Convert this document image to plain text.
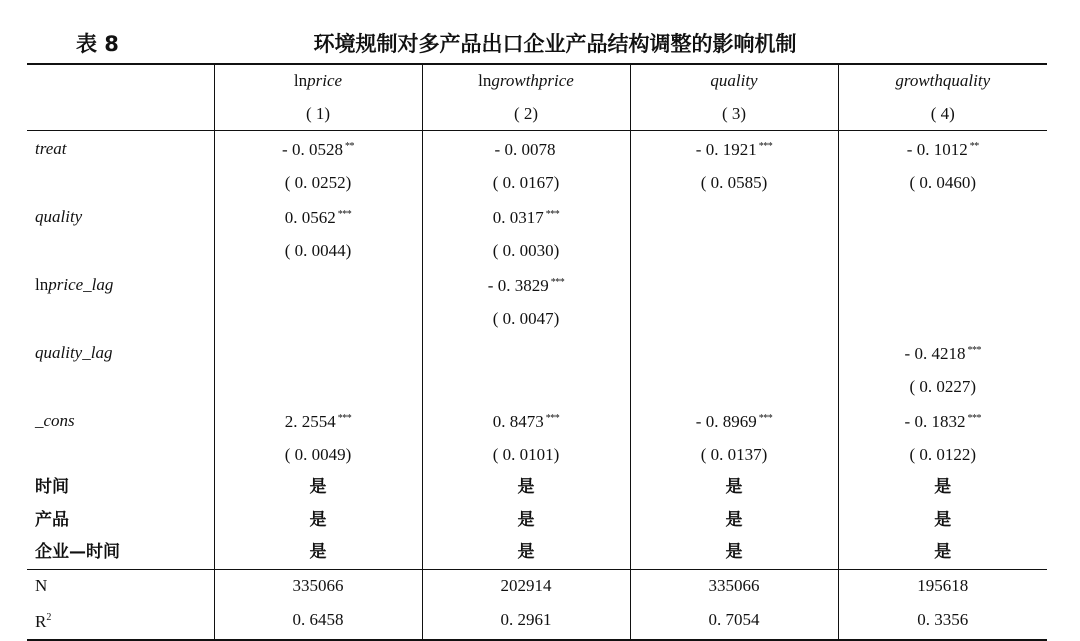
表 8	环境规制对多产品出口企业产品结构调整的影响机制
	lnprice	lngrowthprice	quality	growthquality
	( 1)	( 2)	( 3)	( 4)
treat	- 0. 0528 **	- 0. 0078	- 0. 1921 ***	- 0. 1012 **
	( 0. 0252)	( 0. 0167)	( 0. 0585)	( 0. 0460)
quality	0. 0562 ***	0. 0317 ***		
	( 0. 0044)	( 0. 0030)		
lnprice_lag		- 0. 3829 ***		
		( 0. 0047)		
quality_lag				- 0. 4218 ***
				( 0. 0227)
_cons	2. 2554 ***	0. 8473 ***	- 0. 8969 ***	- 0. 1832 ***
	( 0. 0049)	( 0. 0101)	( 0. 0137)	( 0. 0122)
时间	是	是	是	是
产品	是	是	是	是
企业—时间	是	是	是	是
N	335066	202914	335066	195618
$R^2$	0. 6458	0. 2961	0. 7054	0. 3356
